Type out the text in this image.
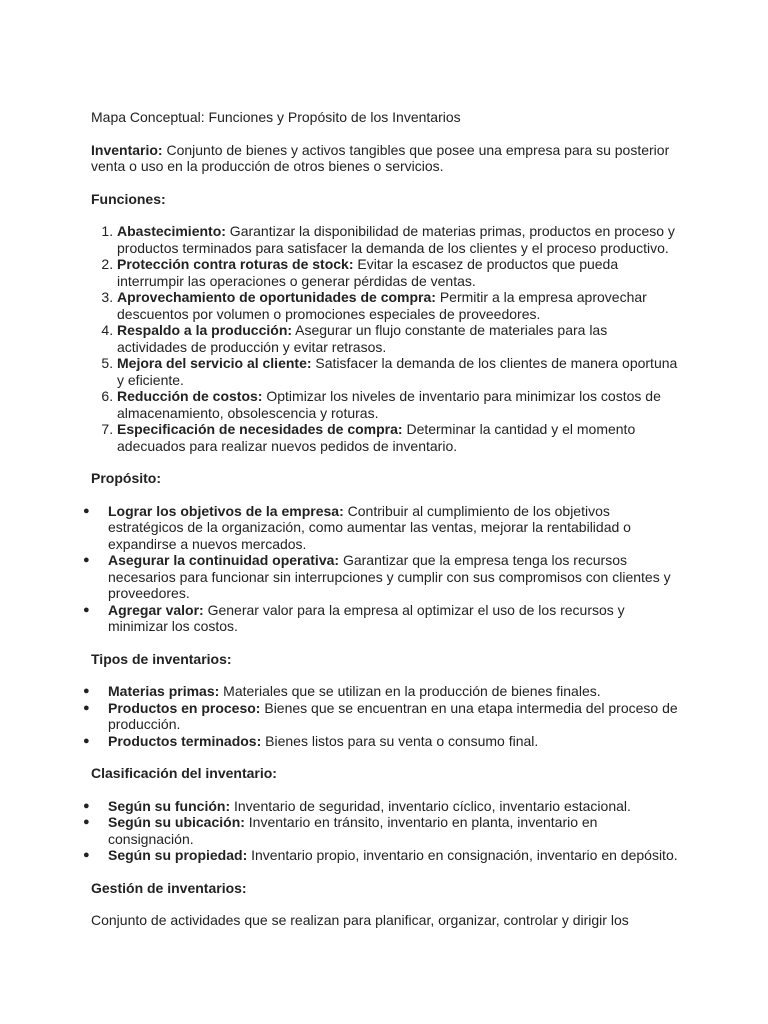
Mapa Conceptual: Funciones y Propósito de los Inventarios

Inventario: Conjunto de bienes y activos tangibles que posee una empresa para su posterior venta o uso en la producción de otros bienes o servicios.

Funciones:

1. Abastecimiento: Garantizar la disponibilidad de materias primas, productos en proceso y productos terminados para satisfacer la demanda de los clientes y el proceso productivo.
2. Protección contra roturas de stock: Evitar la escasez de productos que pueda interrumpir las operaciones o generar pérdidas de ventas.
3. Aprovechamiento de oportunidades de compra: Permitir a la empresa aprovechar descuentos por volumen o promociones especiales de proveedores.
4. Respaldo a la producción: Asegurar un flujo constante de materiales para las actividades de producción y evitar retrasos.
5. Mejora del servicio al cliente: Satisfacer la demanda de los clientes de manera oportuna y eficiente.
6. Reducción de costos: Optimizar los niveles de inventario para minimizar los costos de almacenamiento, obsolescencia y roturas.
7. Especificación de necesidades de compra: Determinar la cantidad y el momento adecuados para realizar nuevos pedidos de inventario.

Propósito:

● Lograr los objetivos de la empresa: Contribuir al cumplimiento de los objetivos estratégicos de la organización, como aumentar las ventas, mejorar la rentabilidad o expandirse a nuevos mercados.
● Asegurar la continuidad operativa: Garantizar que la empresa tenga los recursos necesarios para funcionar sin interrupciones y cumplir con sus compromisos con clientes y proveedores.
● Agregar valor: Generar valor para la empresa al optimizar el uso de los recursos y minimizar los costos.

Tipos de inventarios:

● Materias primas: Materiales que se utilizan en la producción de bienes finales.
● Productos en proceso: Bienes que se encuentran en una etapa intermedia del proceso de producción.
● Productos terminados: Bienes listos para su venta o consumo final.

Clasificación del inventario:

● Según su función: Inventario de seguridad, inventario cíclico, inventario estacional.
● Según su ubicación: Inventario en tránsito, inventario en planta, inventario en consignación.
● Según su propiedad: Inventario propio, inventario en consignación, inventario en depósito.

Gestión de inventarios:

Conjunto de actividades que se realizan para planificar, organizar, controlar y dirigir los
